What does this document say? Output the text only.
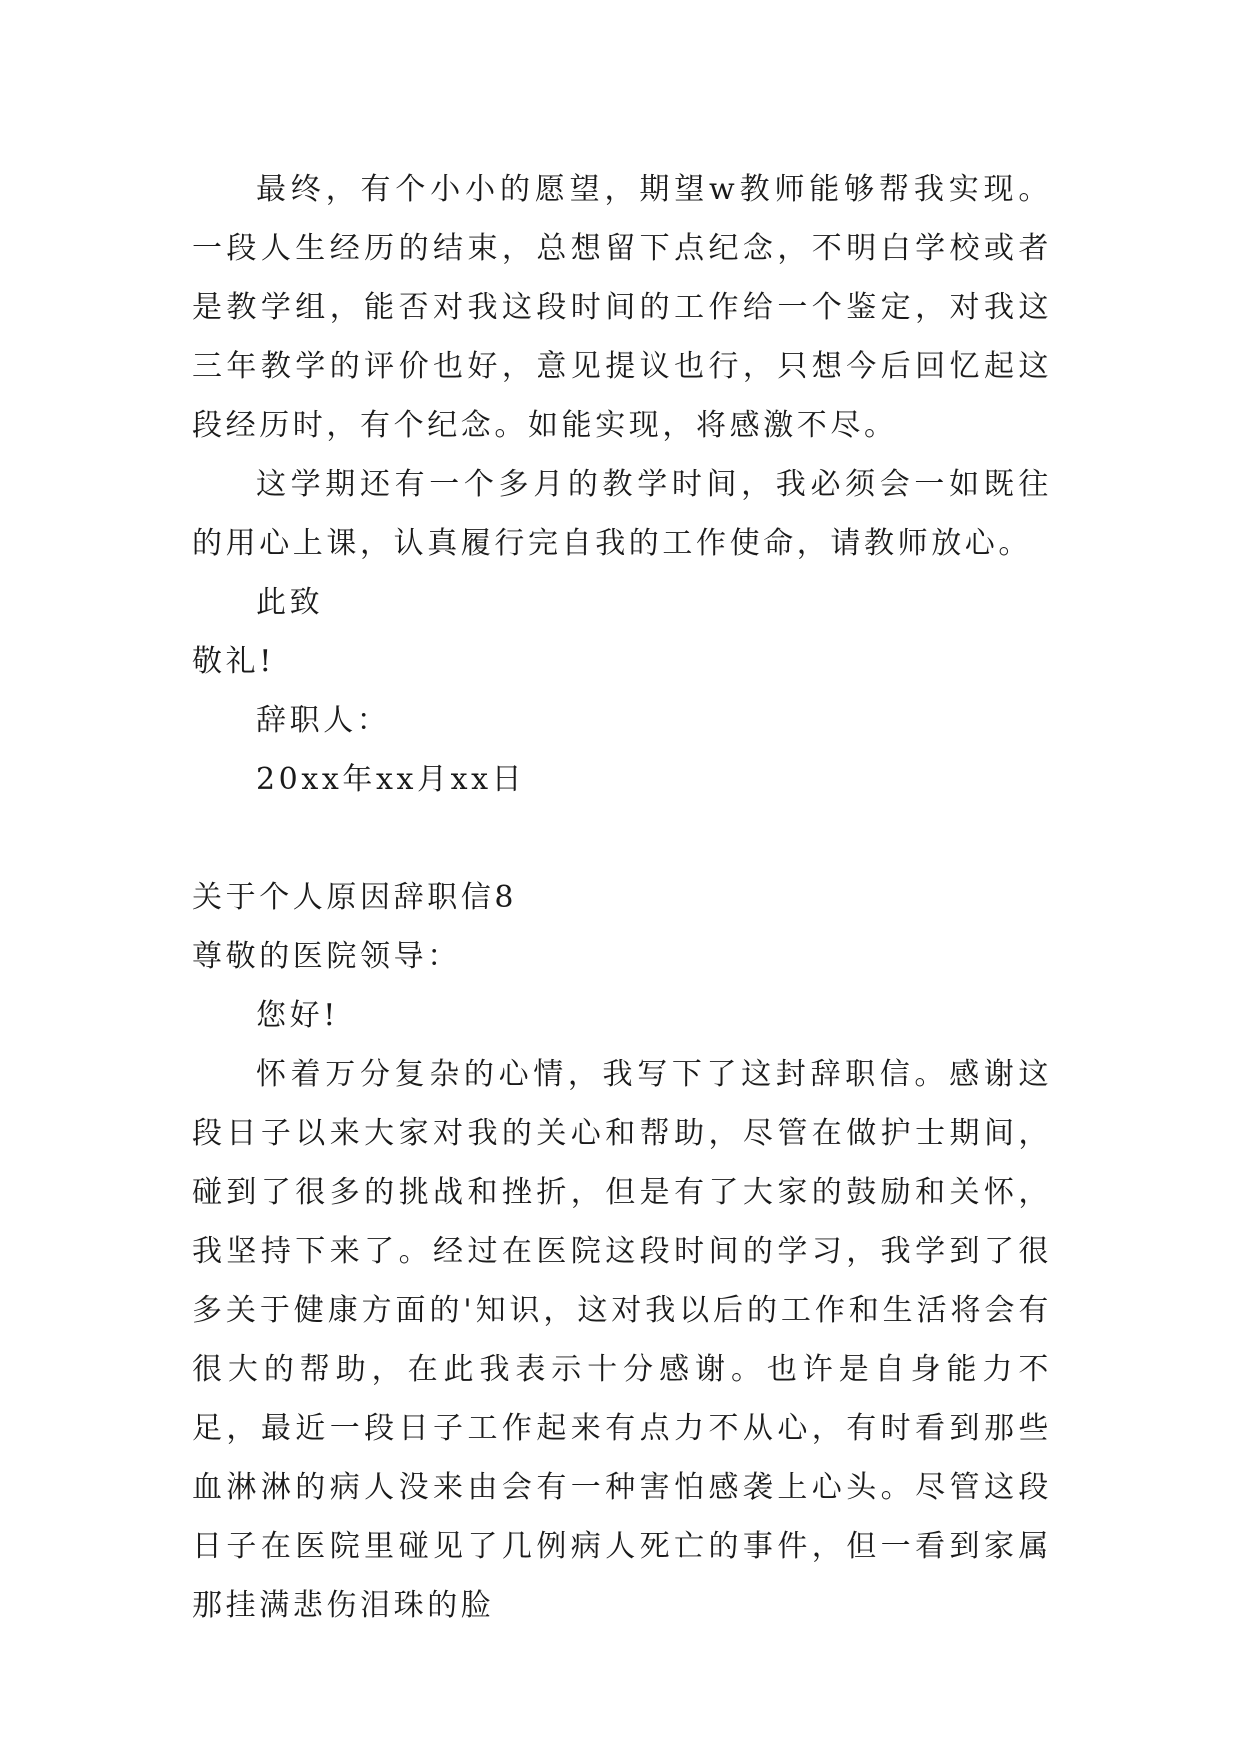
最终，有个小小的愿望，期望w教师能够帮我实现。一段人生经历的结束，总想留下点纪念，不明白学校或者是教学组，能否对我这段时间的工作给一个鉴定，对我这三年教学的评价也好，意见提议也行，只想今后回忆起这段经历时，有个纪念。如能实现，将感激不尽。

这学期还有一个多月的教学时间，我必须会一如既往的用心上课，认真履行完自我的工作使命，请教师放心。

此致

敬礼!

辞职人：

20xx年xx月xx日

关于个人原因辞职信8

尊敬的医院领导：

您好!

怀着万分复杂的心情，我写下了这封辞职信。感谢这段日子以来大家对我的关心和帮助，尽管在做护士期间，碰到了很多的挑战和挫折，但是有了大家的鼓励和关怀，我坚持下来了。经过在医院这段时间的学习，我学到了很多关于健康方面的'知识，这对我以后的工作和生活将会有很大的帮助，在此我表示十分感谢。也许是自身能力不足，最近一段日子工作起来有点力不从心，有时看到那些血淋淋的病人没来由会有一种害怕感袭上心头。尽管这段日子在医院里碰见了几例病人死亡的事件，但一看到家属那挂满悲伤泪珠的脸
